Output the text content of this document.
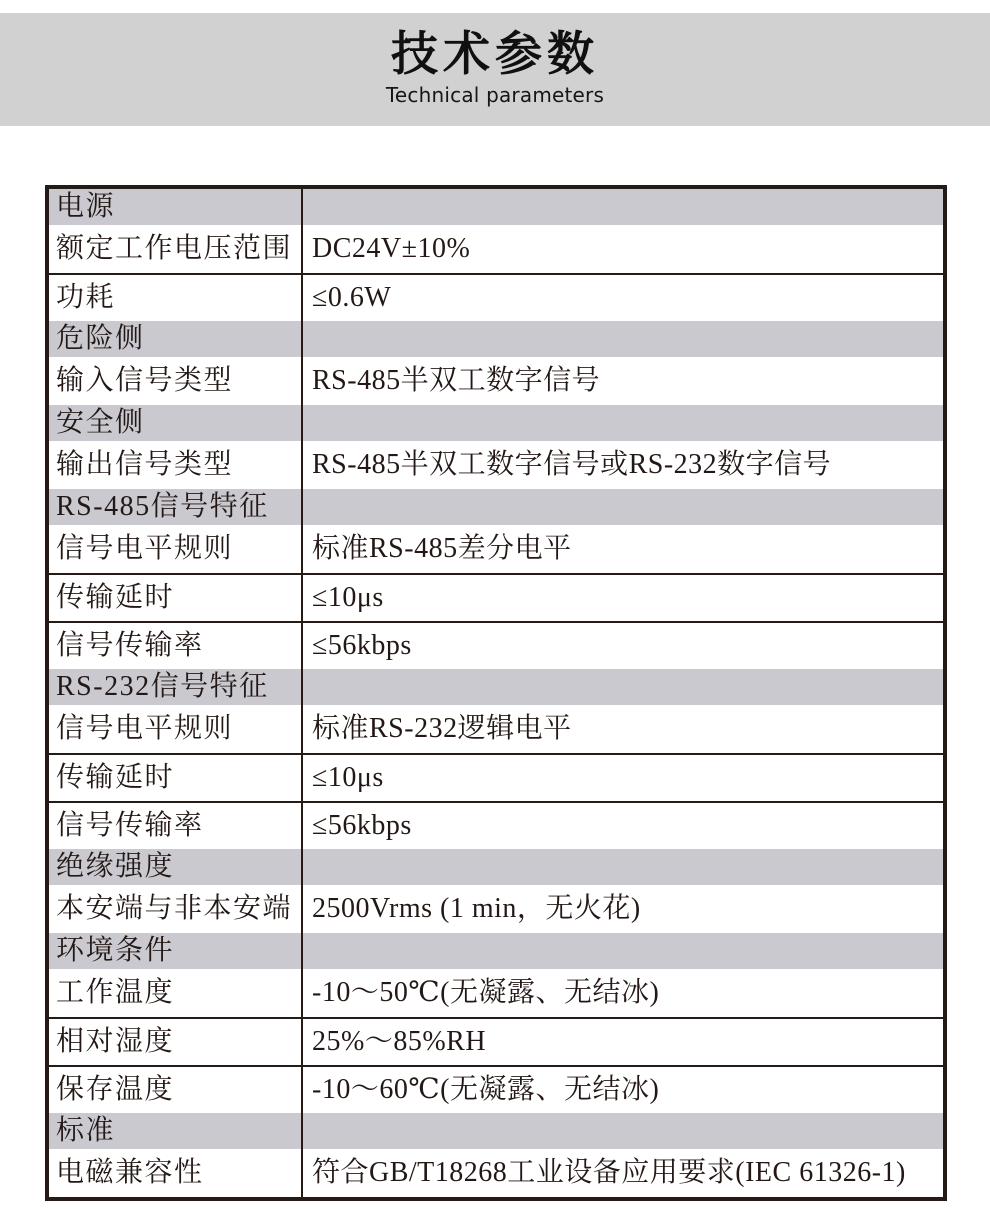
技术参数
Technical parameters
电源
额定工作电压范围 DC24V±10%
功耗	≤0.6W
危险侧
输入信号类型	RS-485半双工数字信号
安全侧
输出信号类型	RS-485半双工数字信号或RS-232数字信号
RS-485信号特征
信号电平规则	标准RS-485差分电平
传输延时	≤10μs
信号传输率	≤56kbps
RS-232信号特征
信号电平规则	标准RS-232逻辑电平
传输延时	≤10μs
信号传输率	≤56kbps
绝缘强度
本安端与非本安端 2500Vrms (1 min，无火花)
环境条件
工作温度	-10～50℃(无凝露、无结冰)
相对湿度	25%～85%RH
保存温度	-10～60℃(无凝露、无结冰)
标准
电磁兼容性	符合GB/T18268工业设备应用要求(IEC 61326-1)
